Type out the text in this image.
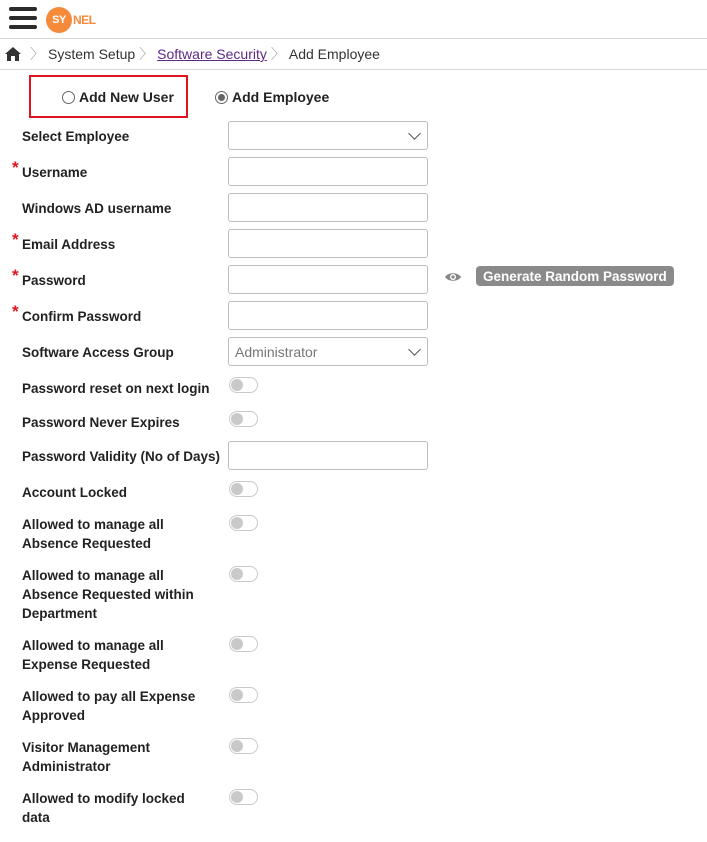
SY NEL
〉 System Setup 〉 Software Security 〉 Add Employee
Add New User	Add Employee
Select Employee
* Username
Windows AD username
* Email Address
* Password	Generate Random Password
* Confirm Password
Software Access Group	Administrator
Password reset on next login
Password Never Expires
Password Validity (No of Days)
Account Locked
Allowed to manage all
Absence Requested
Allowed to manage all
Absence Requested within
Department
Allowed to manage all
Expense Requested
Allowed to pay all Expense
Approved
Visitor Management
Administrator
Allowed to modify locked
data
